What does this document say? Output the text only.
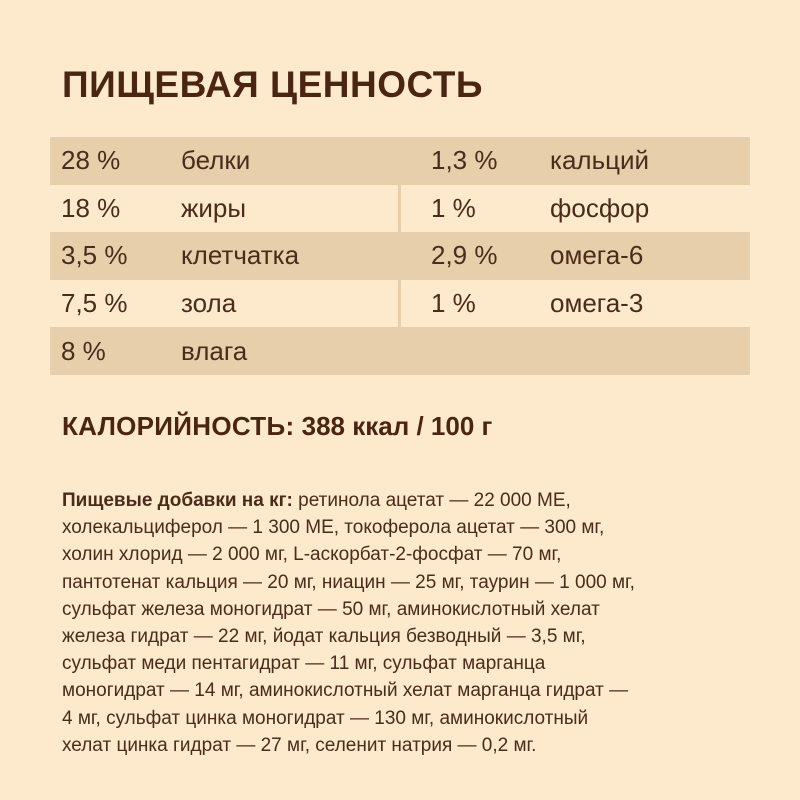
ПИЩЕВАЯ ЦЕННОСТЬ
28 % белки	1,3 % кальций
18 % жиры	1 %	фосфор
3,5 % клетчатка	2,9 % омега-6
7,5 % зола	1 %	омега-3
8 %	влага
КАЛОРИЙНОСТЬ: 388 ккал / 100 г
Пищевые добавки на кг: ретинола ацетат — 22 000 МЕ,
холекальциферол — 1 300 МЕ, токоферола ацетат — 300 мг,
холин хлорид — 2 000 мг, L-аскорбат-2-фосфат — 70 мг,
пантотенат кальция — 20 мг, ниацин — 25 мг, таурин — 1 000 мг,
сульфат железа моногидрат — 50 мг, аминокислотный хелат
железа гидрат — 22 мг, йодат кальция безводный — 3,5 мг,
сульфат меди пентагидрат — 11 мг, сульфат марганца
моногидрат — 14 мг, аминокислотный хелат марганца гидрат —
4 мг, сульфат цинка моногидрат — 130 мг, аминокислотный
хелат цинка гидрат — 27 мг, селенит натрия — 0,2 мг.
